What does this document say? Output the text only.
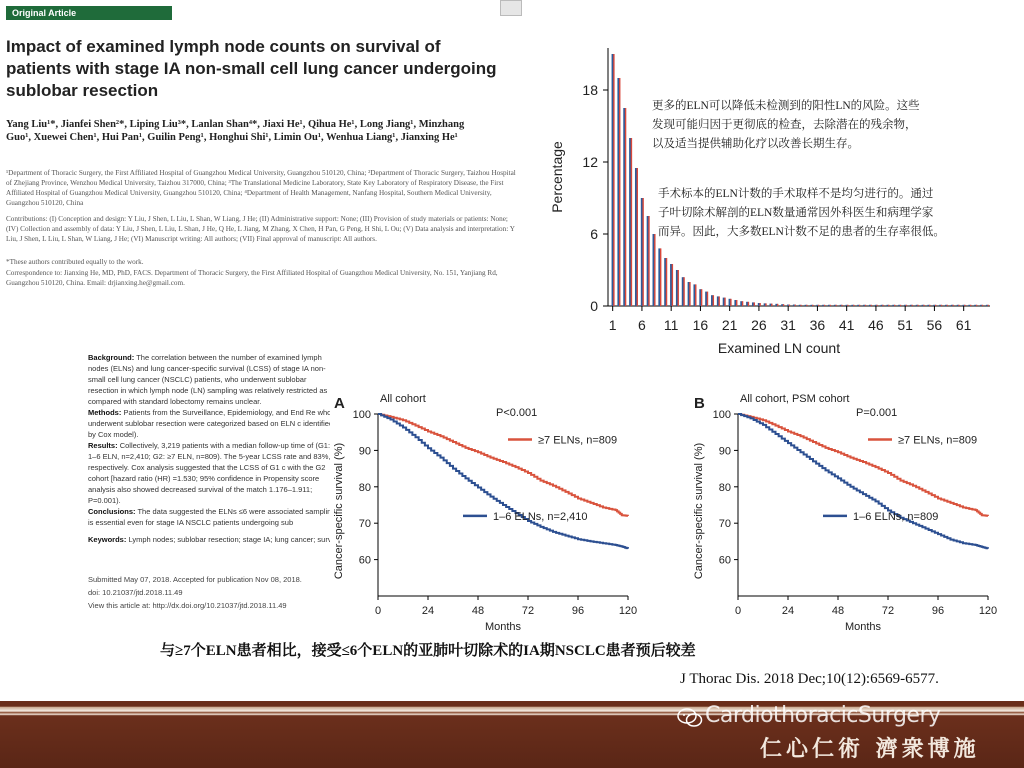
Original Article
Impact of examined lymph node counts on survival of patients with stage IA non-small cell lung cancer undergoing sublobar resection
Yang Liu¹*, Jianfei Shen²*, Liping Liu³*, Lanlan Shan⁴*, Jiaxi He¹, Qihua He¹, Long Jiang¹, Minzhang Guo¹, Xuewei Chen¹, Hui Pan¹, Guilin Peng¹, Honghui Shi¹, Limin Ou¹, Wenhua Liang¹, Jianxing He¹
¹Department of Thoracic Surgery, the First Affiliated Hospital of Guangzhou Medical University, Guangzhou 510120, China; ²Department of Thoracic Surgery, Taizhou Hospital of Zhejiang Province, Wenzhou Medical University, Taizhou 317000, China; ³The Translational Medicine Laboratory, State Key Laboratory of Respiratory Disease, the First Affiliated Hospital of Guangzhou Medical University, Guangzhou 510120, China; ⁴Department of Health Management, Nanfang Hospital, Southern Medical University, Guangzhou 510120, China
Contributions: (I) Conception and design: Y Liu, J Shen, L Liu, L Shan, W Liang, J He; (II) Administrative support: None; (III) Provision of study materials or patients: None; (IV) Collection and assembly of data: Y Liu, J Shen, L Liu, L Shan, J He, Q He, L Jiang, M Zhang, X Chen, H Pan, G Peng, H Shi, L Ou; (V) Data analysis and interpretation: Y Liu, J Shen, L Liu, L Shan, W Liang, J He; (VI) Manuscript writing: All authors; (VII) Final approval of manuscript: All authors.
*These authors contributed equally to the work.
Correspondence to: Jianxing He, MD, PhD, FACS. Department of Thoracic Surgery, the First Affiliated Hospital of Guangzhou Medical University, No. 151, Yanjiang Rd, Guangzhou 510120, China. Email: drjianxing.he@gmail.com.
Background: The correlation between the number of examined lymph nodes (ELNs) and lung cancer-specific survival (LCSS) of stage IA non-small cell lung cancer (NSCLC) patients, who underwent sublobar resection in which lymph node (LN) sampling was relatively restricted as compared with standard lobectomy remains unclear.
Methods: Patients from the Surveillance, Epidemiology, and End Re who underwent sublobar resection were categorized based on ELN c identified by Cox model).
Results: Collectively, 3,219 patients with a median follow-up time of (G1: 1–6 ELN, n=2,410; G2: ≥7 ELN, n=809). The 5-year LCSS rate and 83%, respectively. Cox analysis suggested that the LCSS of G1 c with the G2 cohort [hazard ratio (HR) =1.530; 95% confidence in Propensity score analysis also showed decreased survival of the match 1.176–1.911; P=0.001).
Conclusions: The data suggested the ELNs ≤6 were associated sampling is essential even for stage IA NSCLC patients undergoing sub
Keywords: Lymph nodes; sublobar resection; stage IA; lung cancer; surviv
Submitted May 07, 2018. Accepted for publication Nov 08, 2018.
doi: 10.21037/jtd.2018.11.49
View this article at: http://dx.doi.org/10.21037/jtd.2018.11.49
0
6
12
18
1 6 11 16 21 26 31 36 41 46 51 56 61
Examined LN count
Percentage
更多的ELN可以降低未检测到的阳性LN的风险。这些
发现可能归因于更彻底的检查，去除潜在的残余物，
以及适当提供辅助化疗以改善长期生存。
手术标本的ELN计数的手术取样不是均匀进行的。通过
子叶切除术解剖的ELN数量通常因外科医生和病理学家
而异。因此，大多数ELN计数不足的患者的生存率很低。
A	All cohort
P<0.001
60
70
80
90
100
0	24	48	72	96	120
Months
Cancer-specific survival (%)
≥7 ELNs, n=809
1–6 ELNs, n=2,410
B	All cohort, PSM cohort
P=0.001
60
70
80
90
100
0	24	48	72	96	120
Months
Cancer-specific survival (%)
≥7 ELNs, n=809
1–6 ELNs, n=809
与≥7个ELN患者相比，接受≤6个ELN的亚肺叶切除术的IA期NSCLC患者预后较差
J Thorac Dis. 2018 Dec;10(12):6569-6577.
CardiothoracicSurgery
仁心仁術 濟衆博施
